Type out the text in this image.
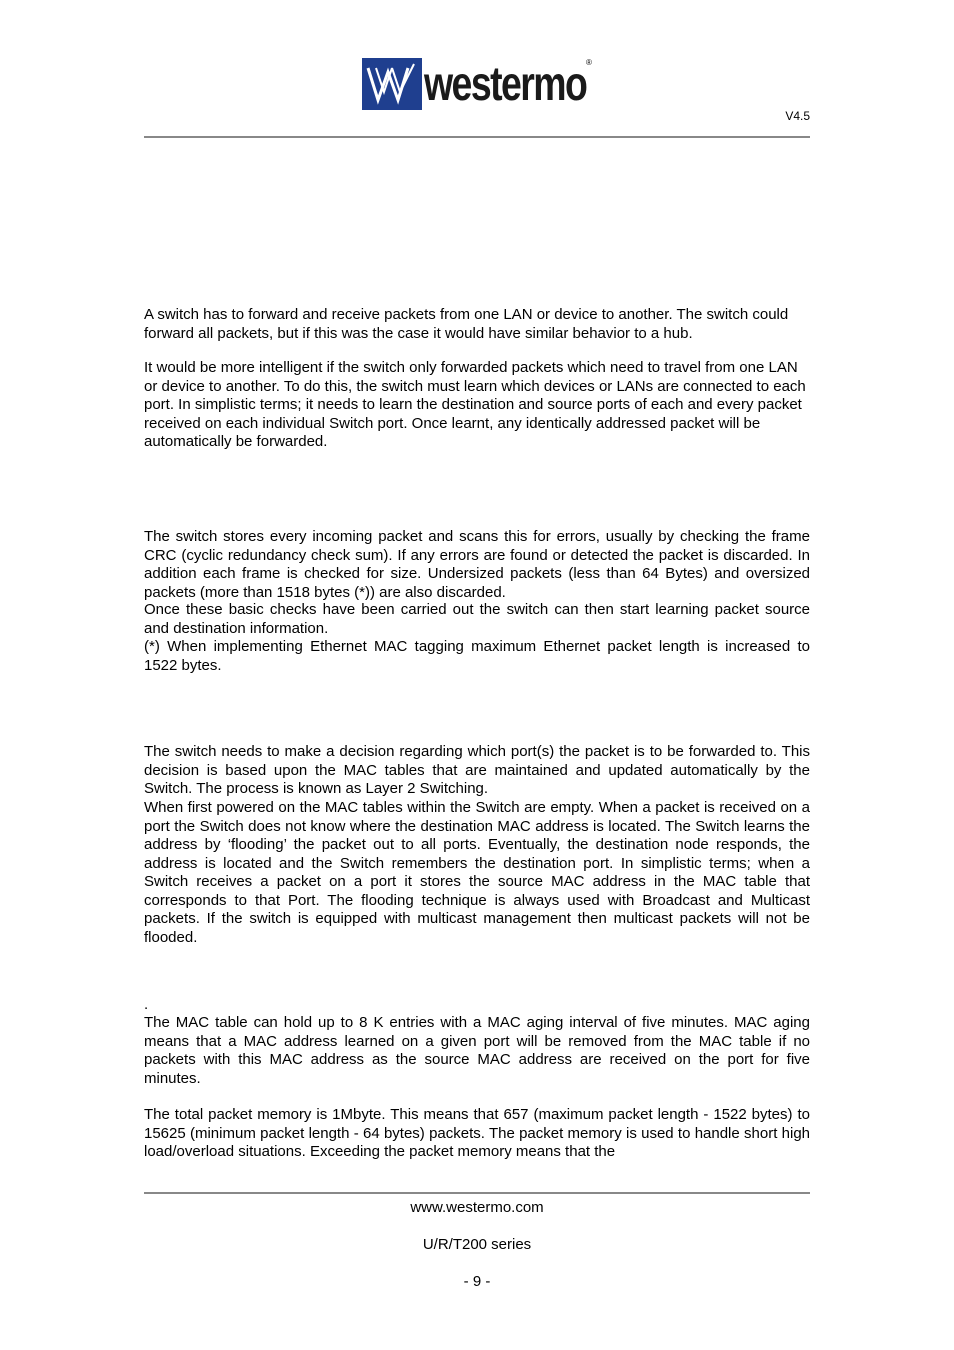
westermo ®
V4.5

A switch has to forward and receive packets from one LAN or device to another. The switch could forward all packets, but if this was the case it would have similar behavior to a hub.

It would be more intelligent if the switch only forwarded packets which need to travel from one LAN or device to another. To do this, the switch must learn which devices or LANs are connected to each port. In simplistic terms; it needs to learn the destination and source ports of each and every packet received on each individual Switch port. Once learnt, any identically addressed packet will be automatically be forwarded.

The switch stores every incoming packet and scans this for errors, usually by checking the frame CRC (cyclic redundancy check sum). If any errors are found or detected the packet is discarded. In addition each frame is checked for size. Undersized packets (less than 64 Bytes) and oversized packets (more than 1518 bytes (*)) are also discarded.

Once these basic checks have been carried out the switch can then start learning packet source and destination information.

(*) When implementing Ethernet MAC tagging maximum Ethernet packet length is increased to 1522 bytes.

The switch needs to make a decision regarding which port(s) the packet is to be forwarded to. This decision is based upon the MAC tables that are maintained and updated automatically by the Switch. The process is known as Layer 2 Switching.

When first powered on the MAC tables within the Switch are empty. When a packet is received on a port the Switch does not know where the destination MAC address is located. The Switch learns the address by ‘flooding’ the packet out to all ports. Eventually, the destination node responds, the address is located and the Switch remembers the destination port. In simplistic terms; when a Switch receives a packet on a port it stores the source MAC address in the MAC table that corresponds to that Port. The flooding technique is always used with Broadcast and Multicast packets. If the switch is equipped with multicast management then multicast packets will not be flooded.

.

The MAC table can hold up to 8 K entries with a MAC aging interval of five minutes. MAC aging means that a MAC address learned on a given port will be removed from the MAC table if no packets with this MAC address as the source MAC address are received on the port for five minutes.

The total packet memory is 1Mbyte. This means that 657 (maximum packet length - 1522 bytes) to 15625 (minimum packet length - 64 bytes) packets. The packet memory is used to handle short high load/overload situations. Exceeding the packet memory means that the

www.westermo.com
U/R/T200 series
- 9 -
